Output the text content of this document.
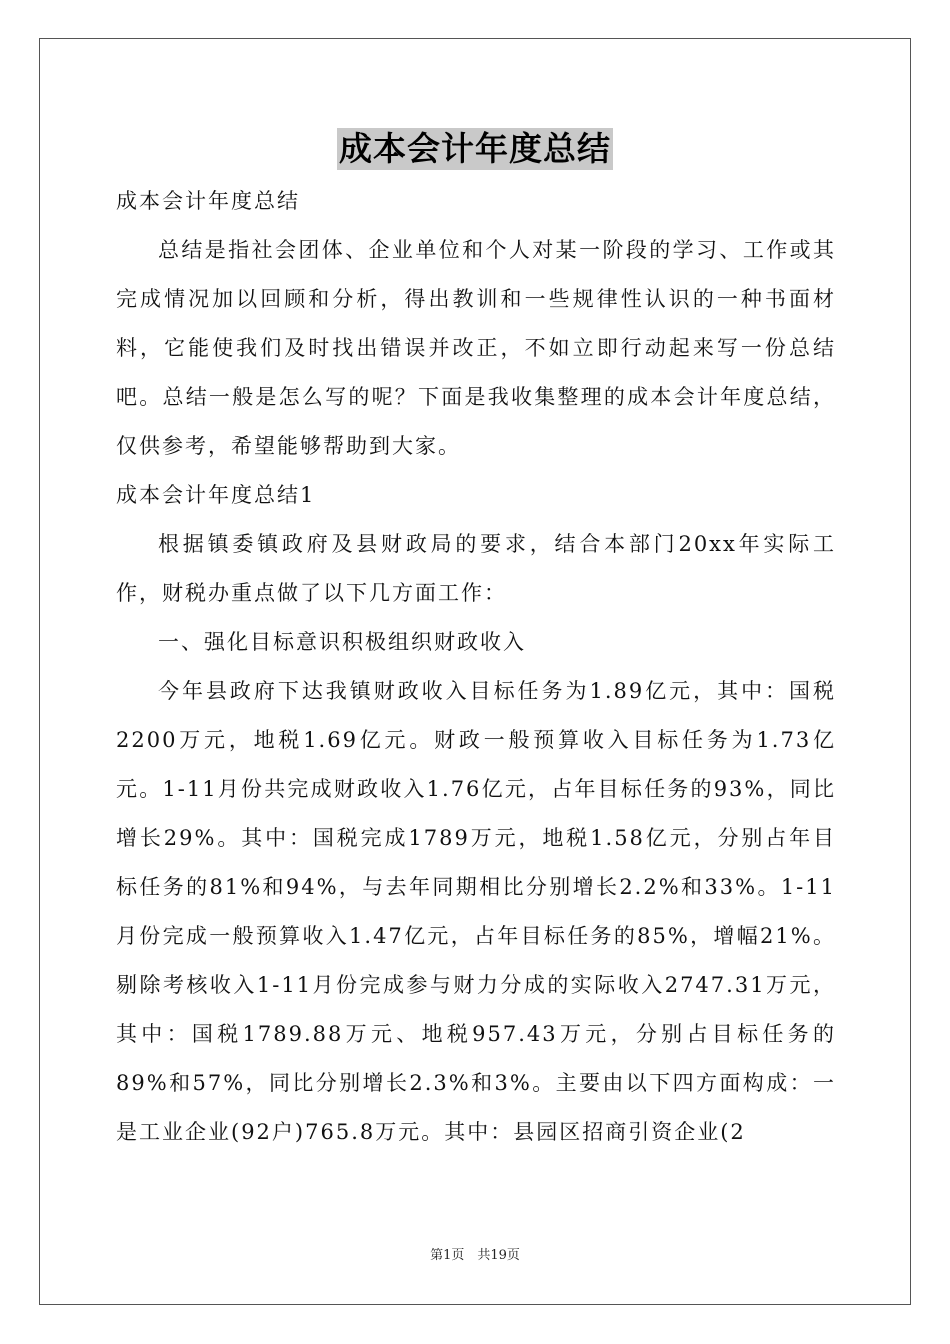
成本会计年度总结

成本会计年度总结

总结是指社会团体、企业单位和个人对某一阶段的学习、工作或其完成情况加以回顾和分析，得出教训和一些规律性认识的一种书面材料，它能使我们及时找出错误并改正，不如立即行动起来写一份总结吧。总结一般是怎么写的呢？下面是我收集整理的成本会计年度总结，仅供参考，希望能够帮助到大家。

成本会计年度总结1

根据镇委镇政府及县财政局的要求，结合本部门20xx年实际工作，财税办重点做了以下几方面工作：

一、强化目标意识积极组织财政收入

今年县政府下达我镇财政收入目标任务为1.89亿元，其中：国税2200万元，地税1.69亿元。财政一般预算收入目标任务为1.73亿元。1-11月份共完成财政收入1.76亿元，占年目标任务的93%，同比增长29%。其中：国税完成1789万元，地税1.58亿元，分别占年目标任务的81%和94%，与去年同期相比分别增长2.2%和33%。1-11月份完成一般预算收入1.47亿元，占年目标任务的85%，增幅21%。剔除考核收入1-11月份完成参与财力分成的实际收入2747.31万元，其中：国税1789.88万元、地税957.43万元，分别占目标任务的89%和57%，同比分别增长2.3%和3%。主要由以下四方面构成：一是工业企业(92户)765.8万元。其中：县园区招商引资企业(2

第1页　共19页
